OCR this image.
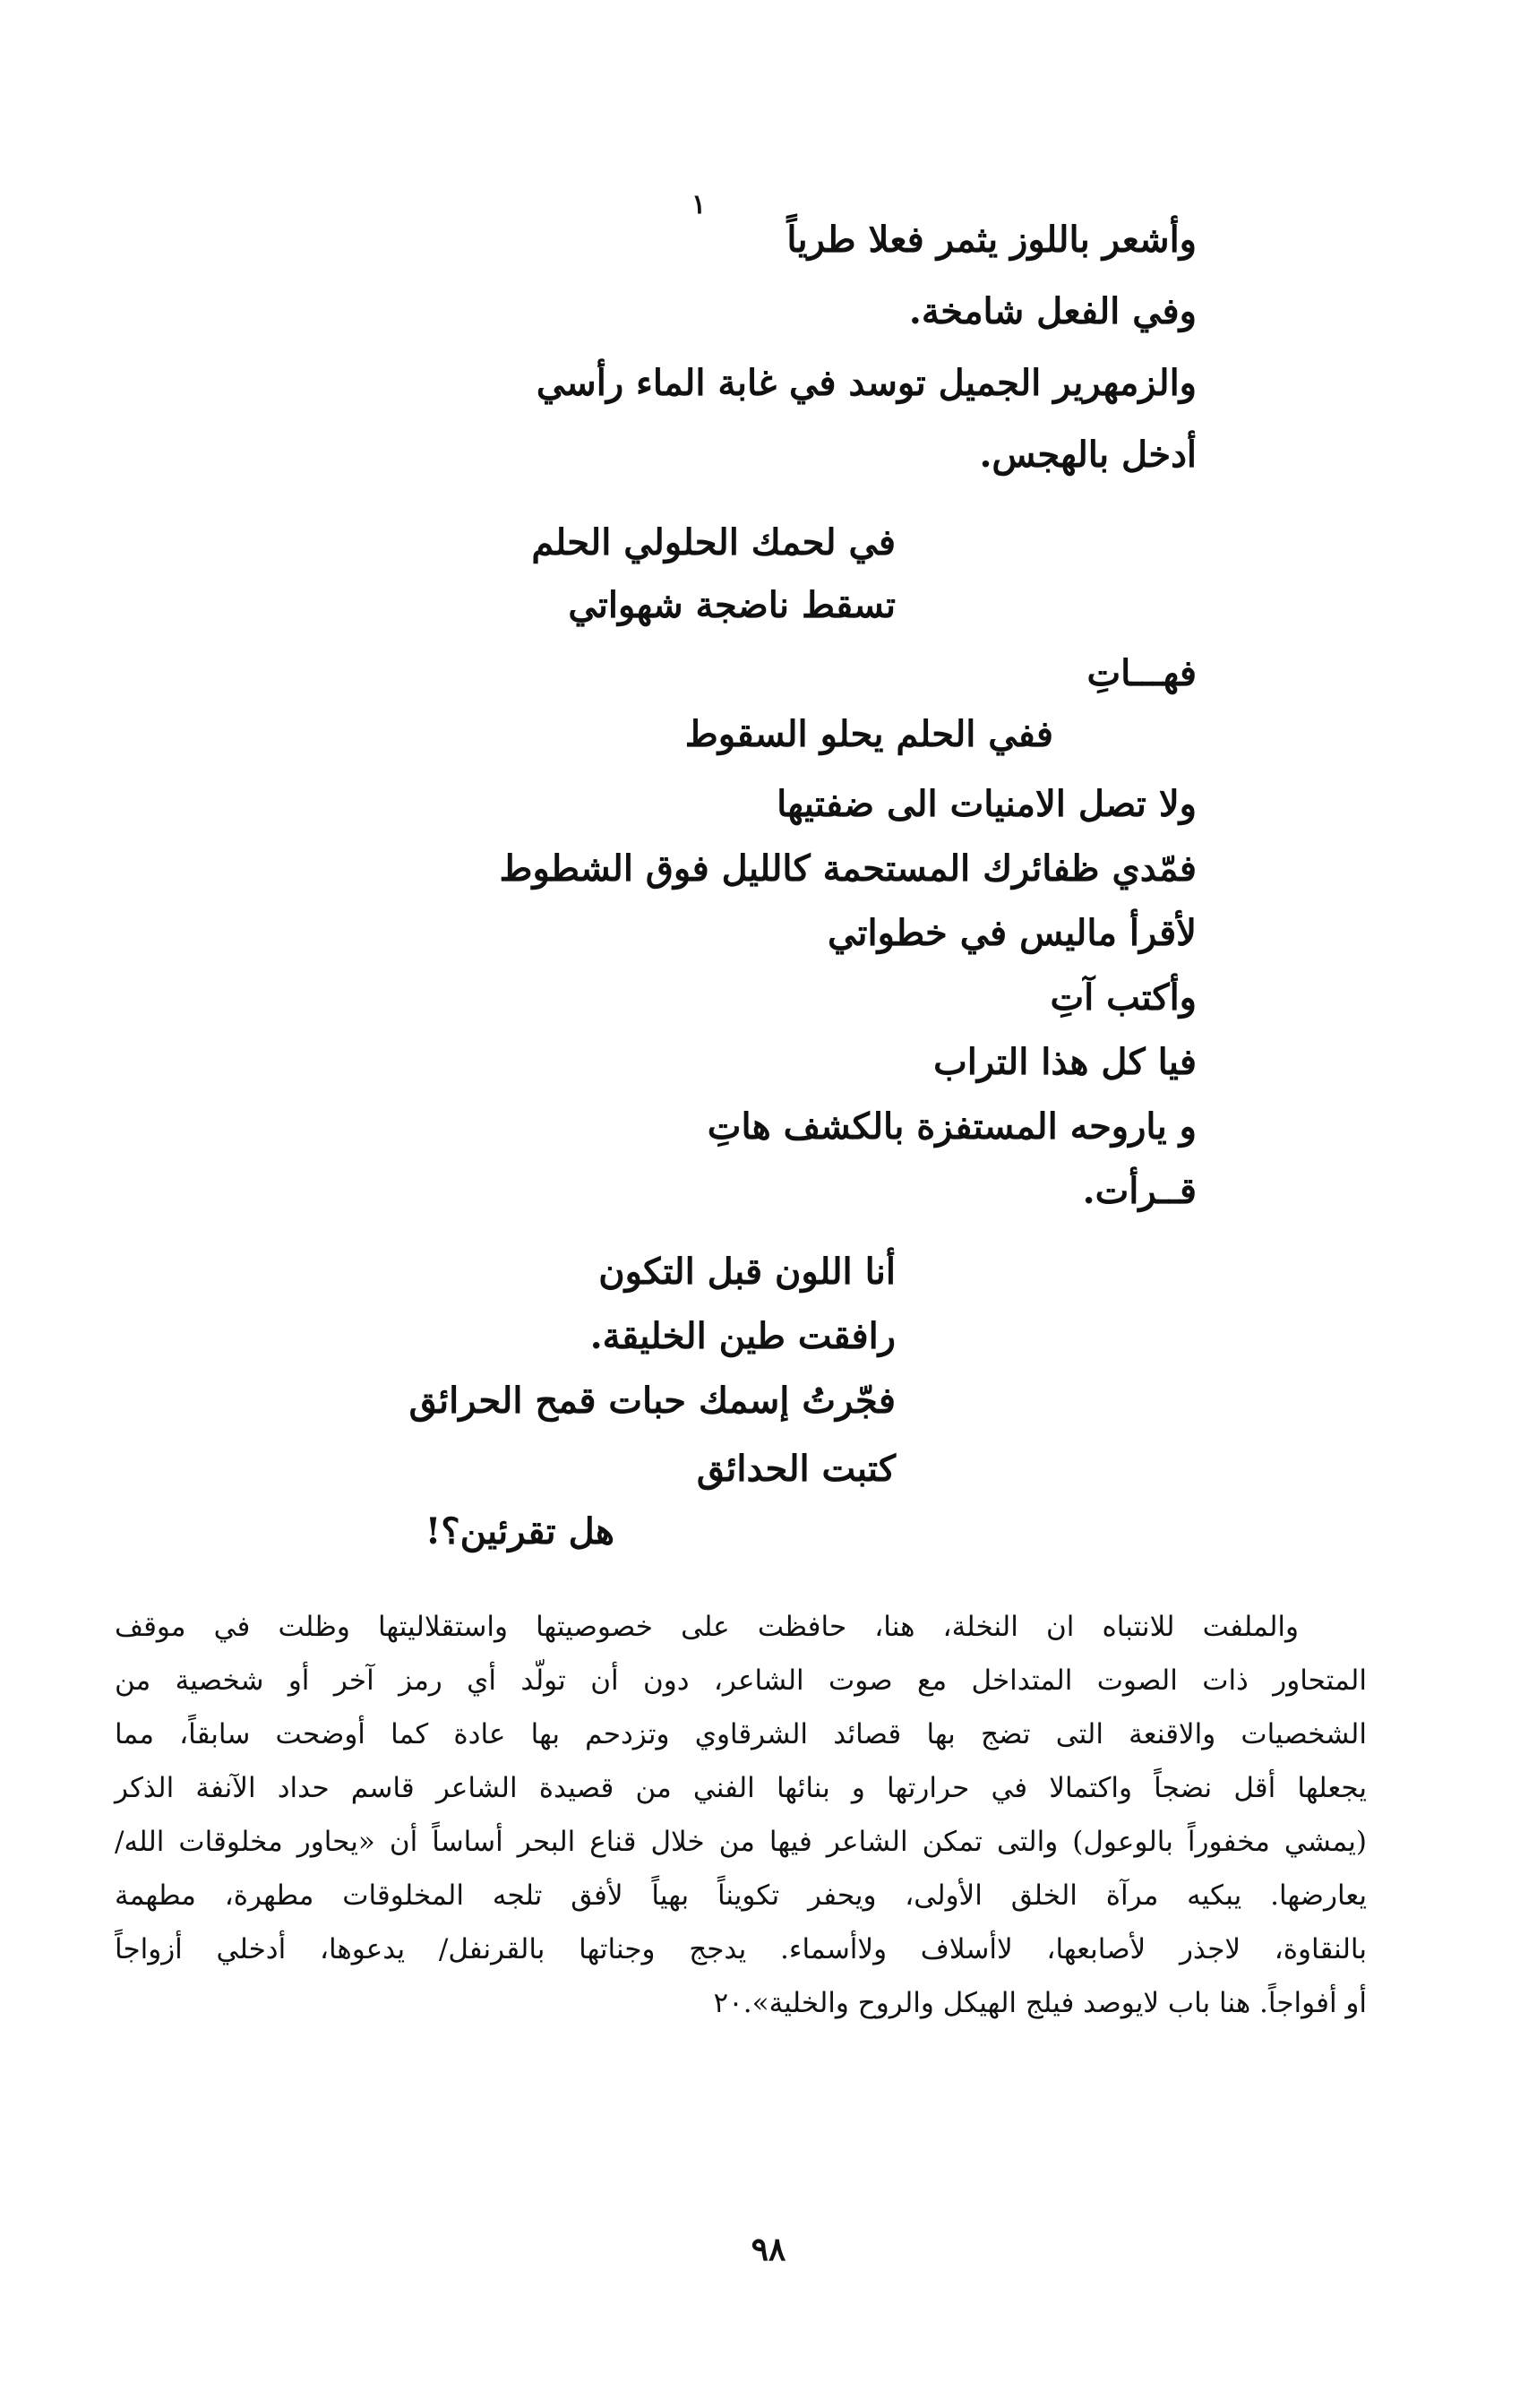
١
وأشعر باللوز يثمر فعلا طرياً
وفي الفعل شامخة.
والزمهرير الجميل توسد في غابة الماء رأسي
أدخل بالهجس.
في لحمك الحلولي الحلم
تسقط ناضجة شهواتي
فهـــاتِ
ففي الحلم يحلو السقوط
ولا تصل الامنيات الى ضفتيها
فمّدي ظفائرك المستحمة كالليل فوق الشطوط
لأقرأ ماليس في خطواتي
وأكتب آتِ
فيا كل هذا التراب
و ياروحه المستفزة بالكشف هاتِ
قــرأت.
أنا اللون قبل التكون
رافقت طين الخليقة.
فجّرتُ إسمك حبات قمح الحرائق
كتبت الحدائق
هل تقرئين؟!
والملفت للانتباه ان النخلة، هنا، حافظت على خصوصيتها واستقلاليتها وظلت في موقف
المتحاور ذات الصوت المتداخل مع صوت الشاعر، دون أن تولّد أي رمز آخر أو شخصية من
الشخصيات والاقنعة التى تضج بها قصائد الشرقاوي وتزدحم بها عادة كما أوضحت سابقاً، مما
يجعلها أقل نضجاً واكتمالا في حرارتها و بنائها الفني من قصيدة الشاعر قاسم حداد الآنفة الذكر
(يمشي مخفوراً بالوعول) والتى تمكن الشاعر فيها من خلال قناع البحر أساساً أن «يحاور مخلوقات الله/
يعارضها. يبكيه مرآة الخلق الأولى، ويحفر تكويناً بهياً لأفق تلجه المخلوقات مطهرة، مطهمة
بالنقاوة، لاجذر لأصابعها، لاأسلاف ولاأسماء. يدجج وجناتها بالقرنفل/ يدعوها، أدخلي أزواجاً
أو أفواجاً. هنا باب لايوصد فيلج الهيكل والروح والخلية».٢٠
٩٨
